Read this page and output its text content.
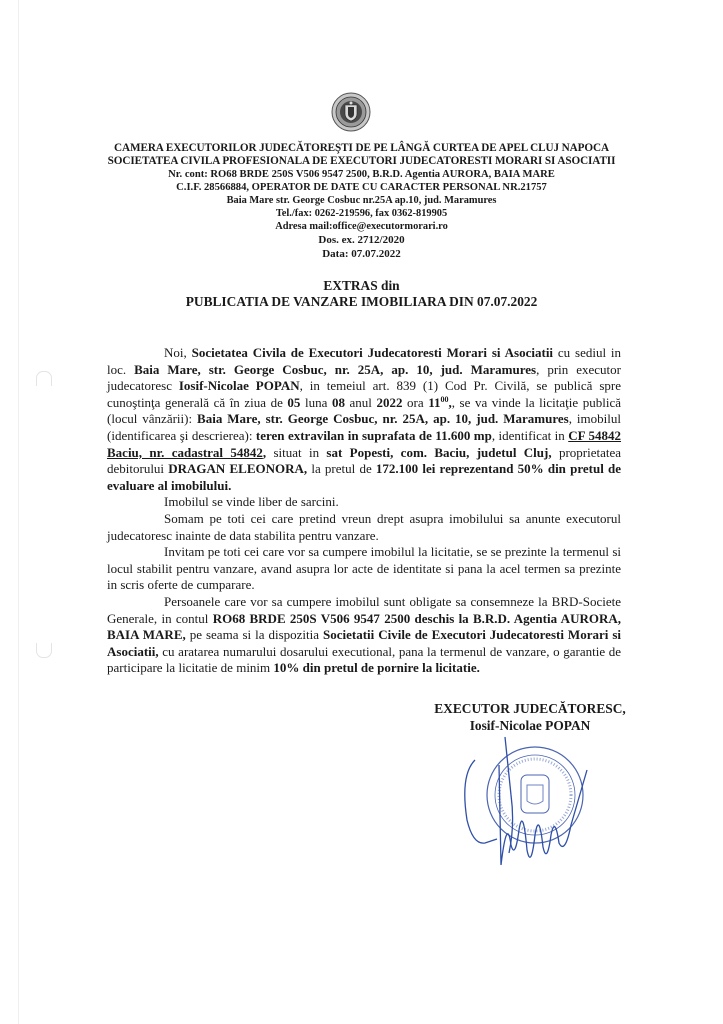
CAMERA EXECUTORILOR JUDECĂTOREŞTI DE PE LÂNGĂ CURTEA DE APEL CLUJ NAPOCA
SOCIETATEA CIVILA PROFESIONALA DE EXECUTORI JUDECATORESTI MORARI SI ASOCIATII
Nr. cont: RO68 BRDE 250S V506 9547 2500, B.R.D. Agentia AURORA, BAIA MARE
C.I.F. 28566884, OPERATOR DE DATE CU CARACTER PERSONAL NR.21757
Baia Mare str. George Cosbuc nr.25A ap.10, jud. Maramures
Tel./fax: 0262-219596, fax 0362-819905
Adresa mail:office@executormorari.ro
Dos. ex. 2712/2020
Data: 07.07.2022
EXTRAS din
PUBLICATIA DE VANZARE IMOBILIARA DIN 07.07.2022

Noi, Societatea Civila de Executori Judecatoresti Morari si Asociatii cu sediul in loc. Baia Mare, str. George Cosbuc, nr. 25A, ap. 10, jud. Maramures, prin executor judecatoresc Iosif-Nicolae POPAN, in temeiul art. 839 (1) Cod Pr. Civilă, se publică spre cunoştinţa generală că în ziua de 05 luna 08 anul 2022 ora $11^{00}$,, se va vinde la licitaţie publică (locul vânzării): Baia Mare, str. George Cosbuc, nr. 25A, ap. 10, jud. Maramures, imobilul (identificarea şi descrierea): teren extravilan in suprafata de 11.600 mp, identificat in CF 54842 Baciu, nr. cadastral 54842, situat in sat Popesti, com. Baciu, judetul Cluj, proprietatea debitorului DRAGAN ELEONORA, la pretul de 172.100 lei reprezentand 50% din pretul de evaluare al imobilului.

Imobilul se vinde liber de sarcini.

Somam pe toti cei care pretind vreun drept asupra imobilului sa anunte executorul judecatoresc inainte de data stabilita pentru vanzare.

Invitam pe toti cei care vor sa cumpere imobilul la licitatie, se se prezinte la termenul si locul stabilit pentru vanzare, avand asupra lor acte de identitate si pana la acel termen sa prezinte in scris oferte de cumparare.

Persoanele care vor sa cumpere imobilul sunt obligate sa consemneze la BRD-Societe Generale, in contul RO68 BRDE 250S V506 9547 2500 deschis la B.R.D. Agentia AURORA, BAIA MARE, pe seama si la dispozitia Societatii Civile de Executori Judecatoresti Morari si Asociatii, cu aratarea numarului dosarului executional, pana la termenul de vanzare, o garantie de participare la licitatie de minim 10% din pretul de pornire la licitatie.

EXECUTOR JUDECĂTORESC,
Iosif-Nicolae POPAN
